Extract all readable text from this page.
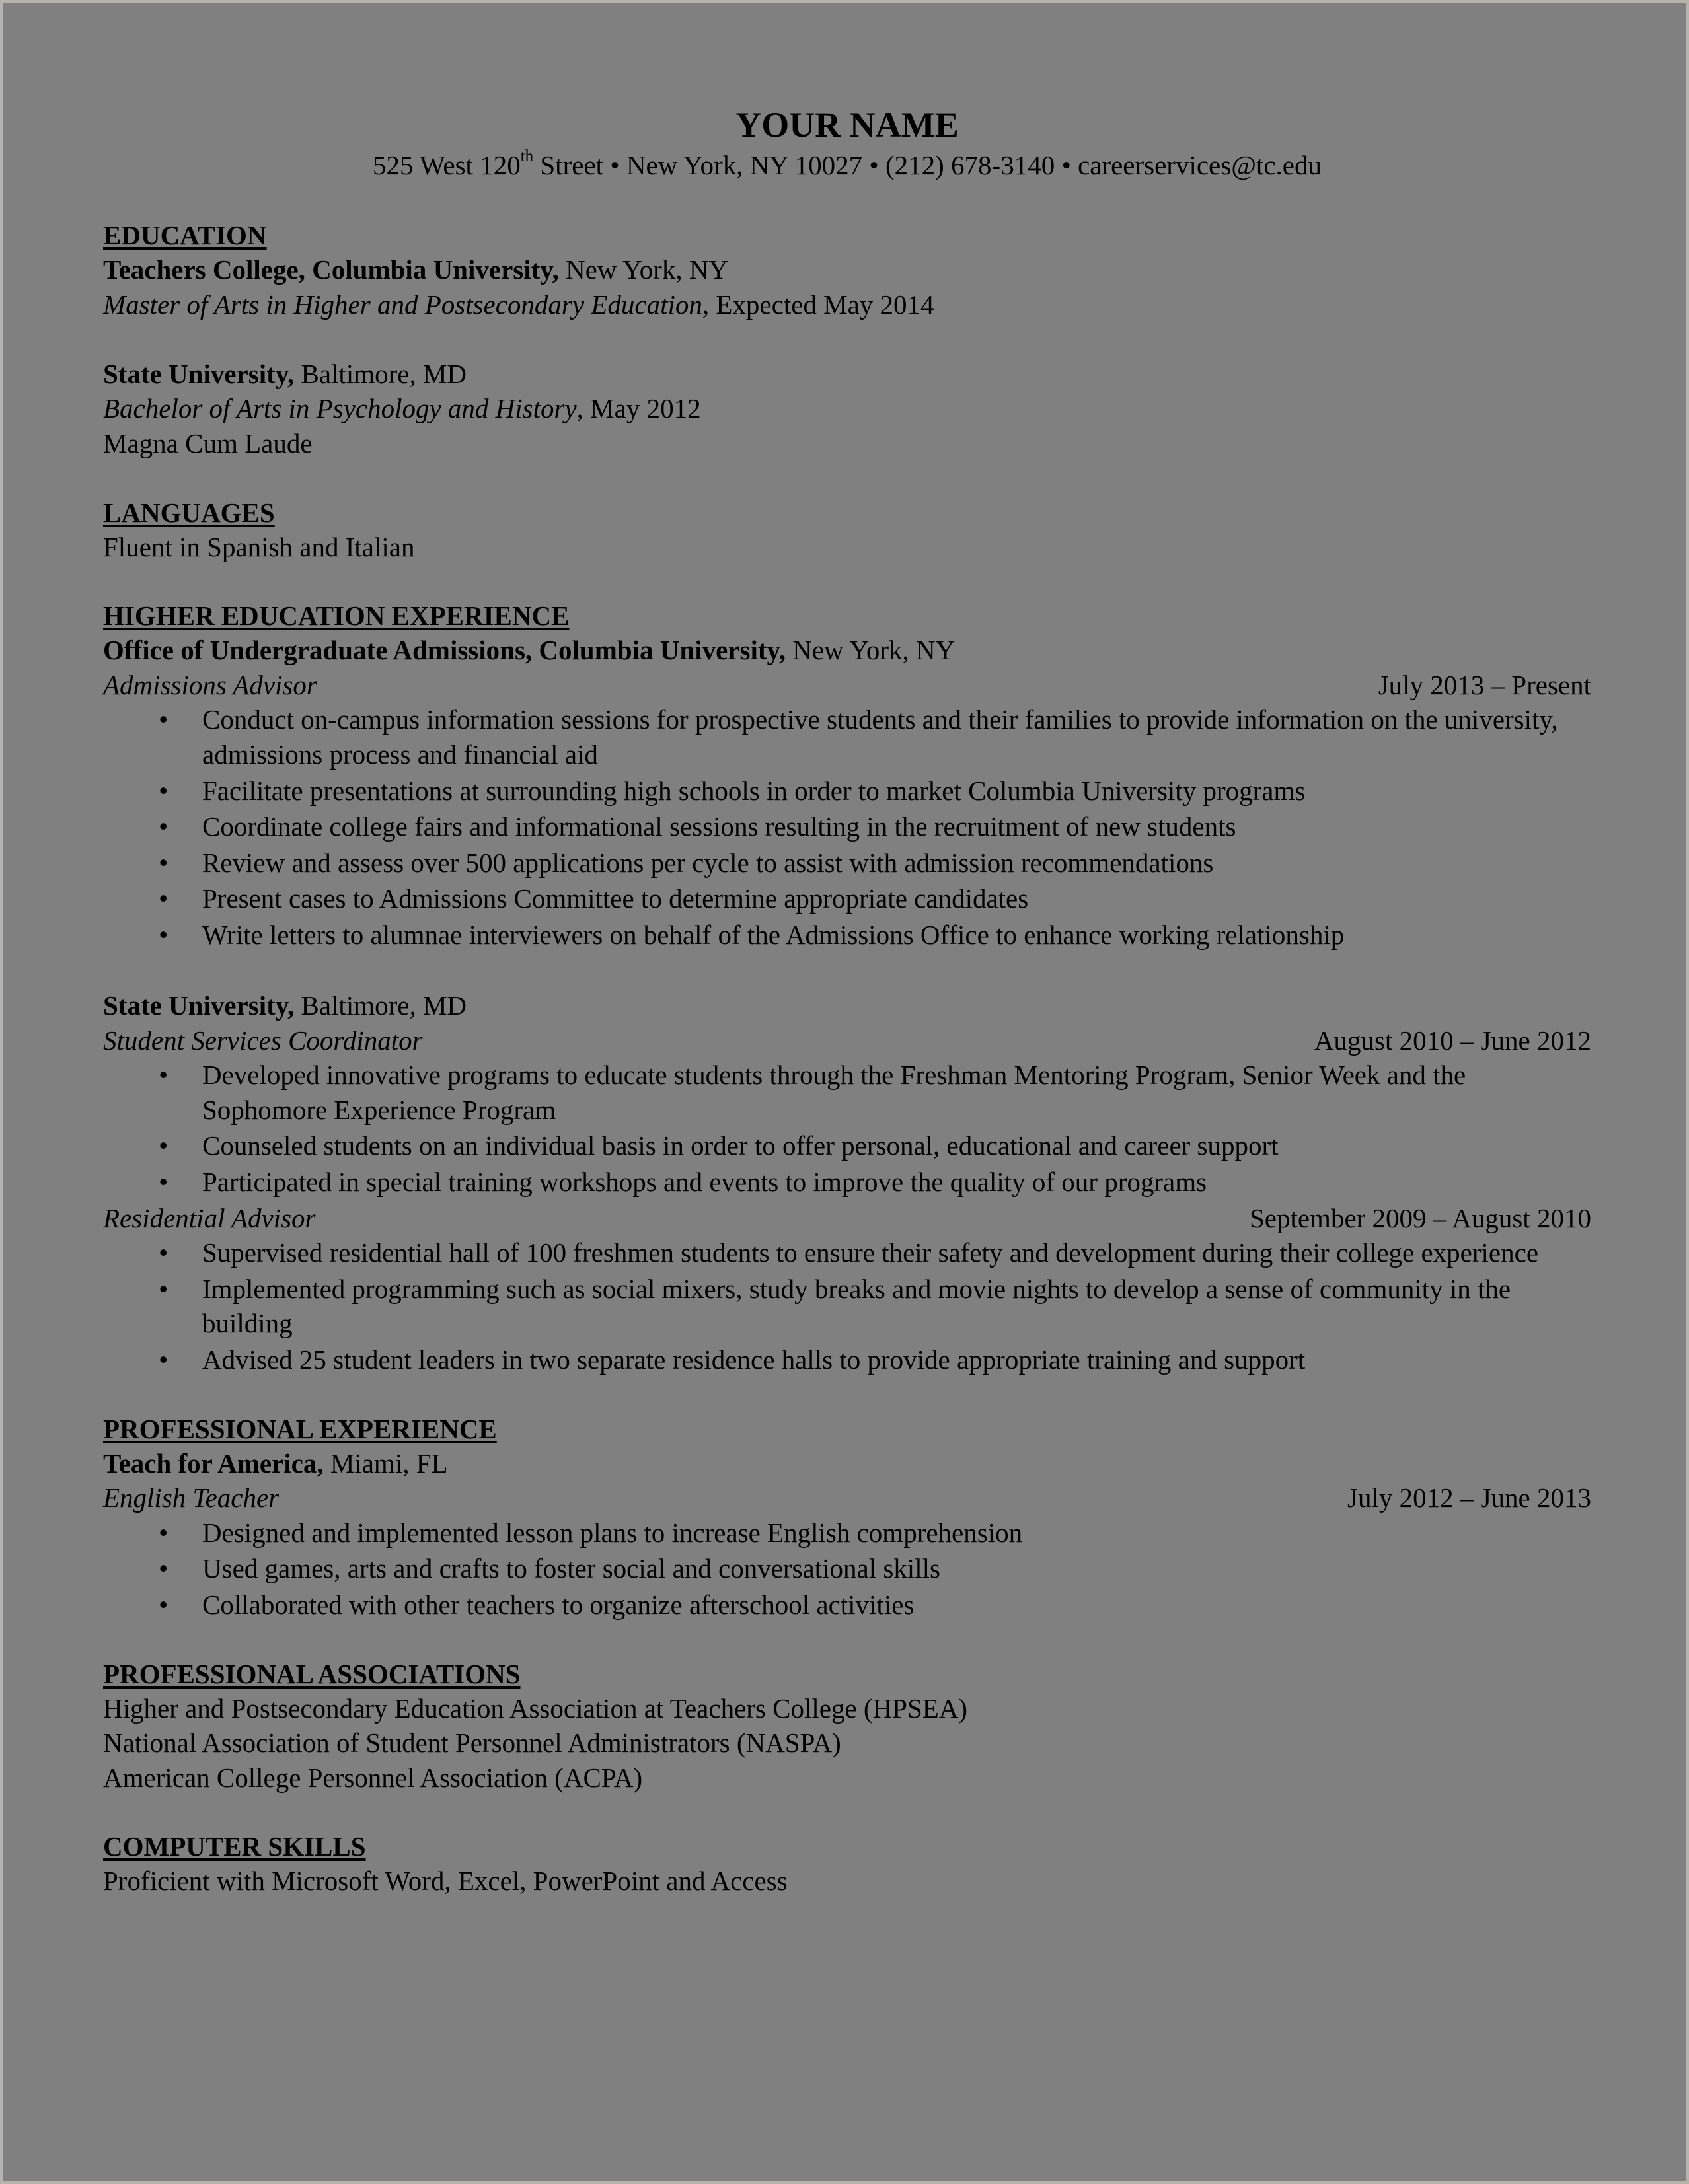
YOUR NAME
525 West 120th Street • New York, NY 10027 • (212) 678-3140 • careerservices@tc.edu
EDUCATION
Teachers College, Columbia University, New York, NY
Master of Arts in Higher and Postsecondary Education, Expected May 2014
State University, Baltimore, MD
Bachelor of Arts in Psychology and History, May 2012
Magna Cum Laude
LANGUAGES
Fluent in Spanish and Italian
HIGHER EDUCATION EXPERIENCE
Office of Undergraduate Admissions, Columbia University, New York, NY
Admissions Advisor	July 2013 – Present
• Conduct on-campus information sessions for prospective students and their families to provide information on the university, admissions process and financial aid
• Facilitate presentations at surrounding high schools in order to market Columbia University programs
• Coordinate college fairs and informational sessions resulting in the recruitment of new students
• Review and assess over 500 applications per cycle to assist with admission recommendations
• Present cases to Admissions Committee to determine appropriate candidates
• Write letters to alumnae interviewers on behalf of the Admissions Office to enhance working relationship
State University, Baltimore, MD
Student Services Coordinator	August 2010 – June 2012
• Developed innovative programs to educate students through the Freshman Mentoring Program, Senior Week and the Sophomore Experience Program
• Counseled students on an individual basis in order to offer personal, educational and career support
• Participated in special training workshops and events to improve the quality of our programs
Residential Advisor	September 2009 – August 2010
• Supervised residential hall of 100 freshmen students to ensure their safety and development during their college experience
• Implemented programming such as social mixers, study breaks and movie nights to develop a sense of community in the building
• Advised 25 student leaders in two separate residence halls to provide appropriate training and support
PROFESSIONAL EXPERIENCE
Teach for America, Miami, FL
English Teacher	July 2012 – June 2013
• Designed and implemented lesson plans to increase English comprehension
• Used games, arts and crafts to foster social and conversational skills
• Collaborated with other teachers to organize afterschool activities
PROFESSIONAL ASSOCIATIONS
Higher and Postsecondary Education Association at Teachers College (HPSEA)
National Association of Student Personnel Administrators (NASPA)
American College Personnel Association (ACPA)
COMPUTER SKILLS
Proficient with Microsoft Word, Excel, PowerPoint and Access
